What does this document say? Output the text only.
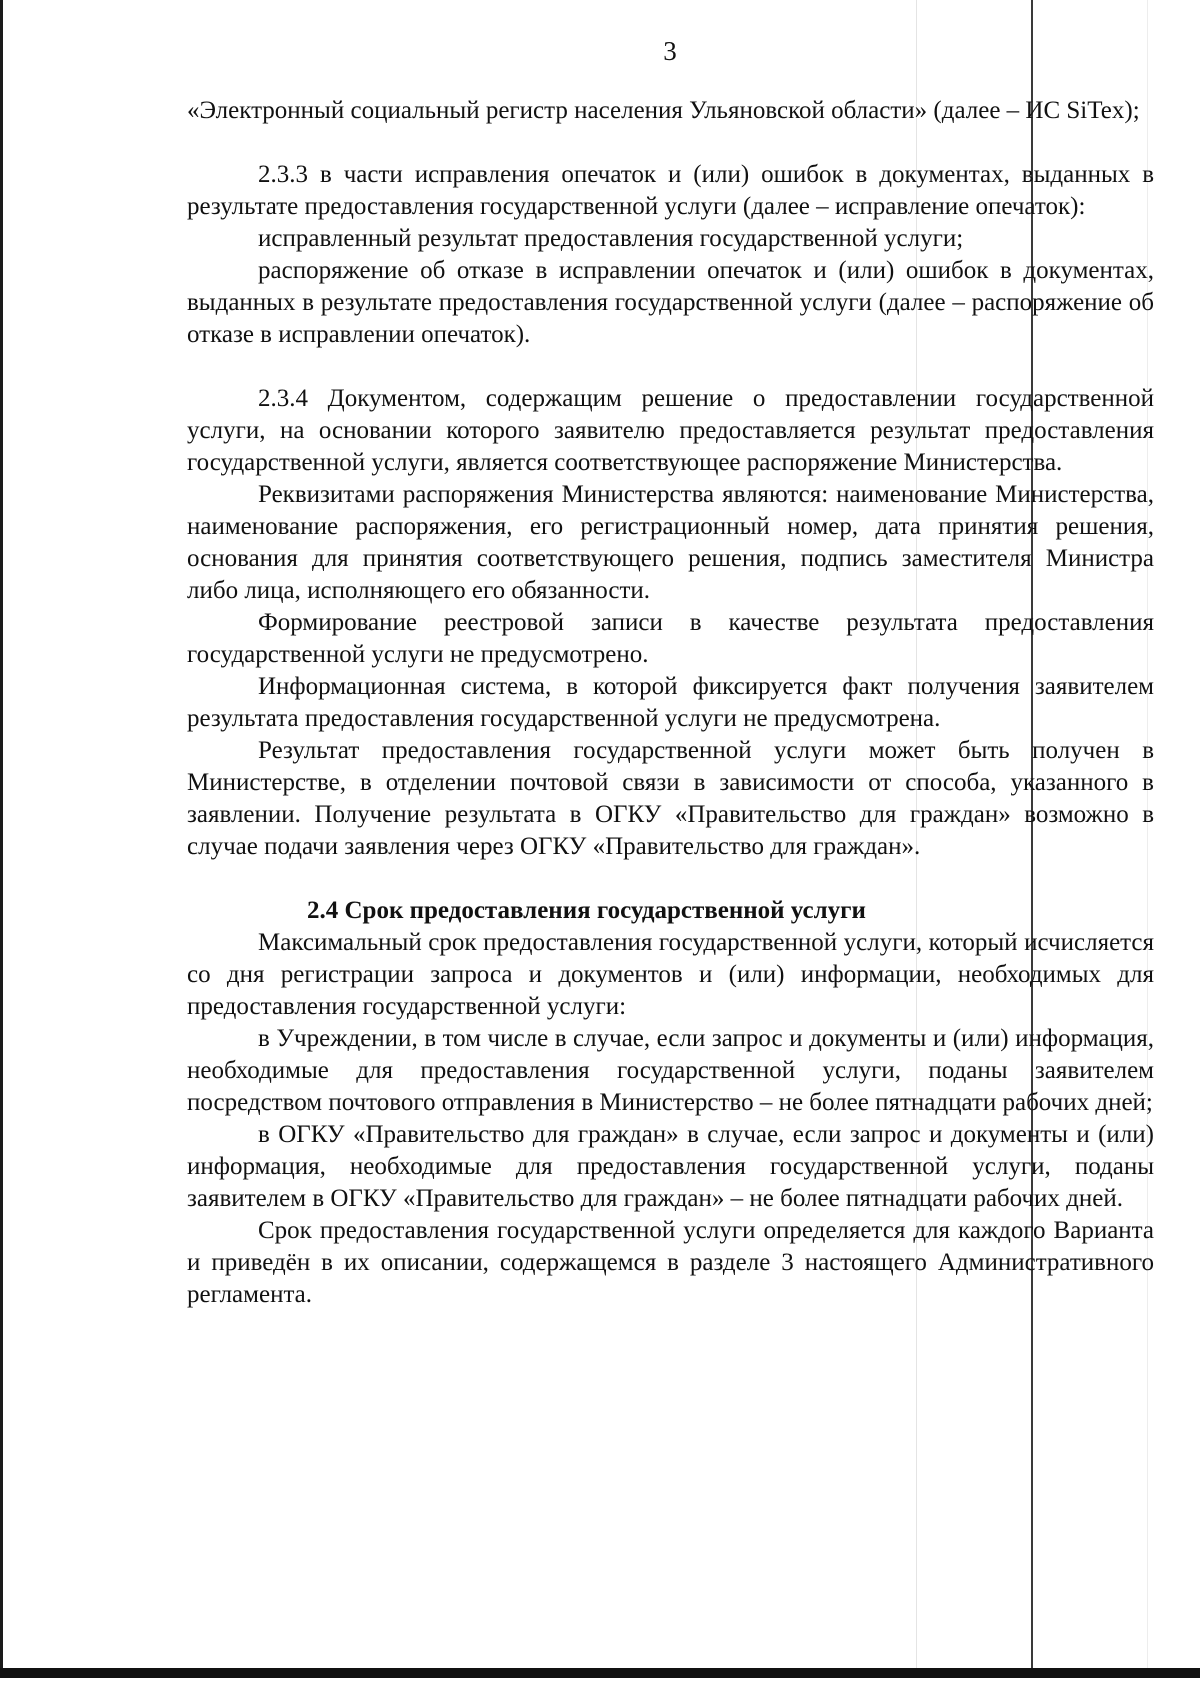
3

«Электронный социальный регистр населения Ульяновской области» (далее – ИС SiTex);

2.3.3 в части исправления опечаток и (или) ошибок в документах, выданных в результате предоставления государственной услуги (далее – исправление опечаток):

исправленный результат предоставления государственной услуги;

распоряжение об отказе в исправлении опечаток и (или) ошибок в документах, выданных в результате предоставления государственной услуги (далее – распоряжение об отказе в исправлении опечаток).

2.3.4 Документом, содержащим решение о предоставлении государственной услуги, на основании которого заявителю предоставляется результат предоставления государственной услуги, является соответствующее распоряжение Министерства.

Реквизитами распоряжения Министерства являются: наименование Министерства, наименование распоряжения, его регистрационный номер, дата принятия решения, основания для принятия соответствующего решения, подпись заместителя Министра либо лица, исполняющего его обязанности.

Формирование реестровой записи в качестве результата предоставления государственной услуги не предусмотрено.

Информационная система, в которой фиксируется факт получения заявителем результата предоставления государственной услуги не предусмотрена.

Результат предоставления государственной услуги может быть получен в Министерстве, в отделении почтовой связи в зависимости от способа, указанного в заявлении. Получение результата в ОГКУ «Правительство для граждан» возможно в случае подачи заявления через ОГКУ «Правительство для граждан».

2.4 Срок предоставления государственной услуги

Максимальный срок предоставления государственной услуги, который исчисляется со дня регистрации запроса и документов и (или) информации, необходимых для предоставления государственной услуги:

в Учреждении, в том числе в случае, если запрос и документы и (или) информация, необходимые для предоставления государственной услуги, поданы заявителем посредством почтового отправления в Министерство – не более пятнадцати рабочих дней;

в ОГКУ «Правительство для граждан» в случае, если запрос и документы и (или) информация, необходимые для предоставления государственной услуги, поданы заявителем в ОГКУ «Правительство для граждан» – не более пятнадцати рабочих дней.

Срок предоставления государственной услуги определяется для каждого Варианта и приведён в их описании, содержащемся в разделе 3 настоящего Административного регламента.
